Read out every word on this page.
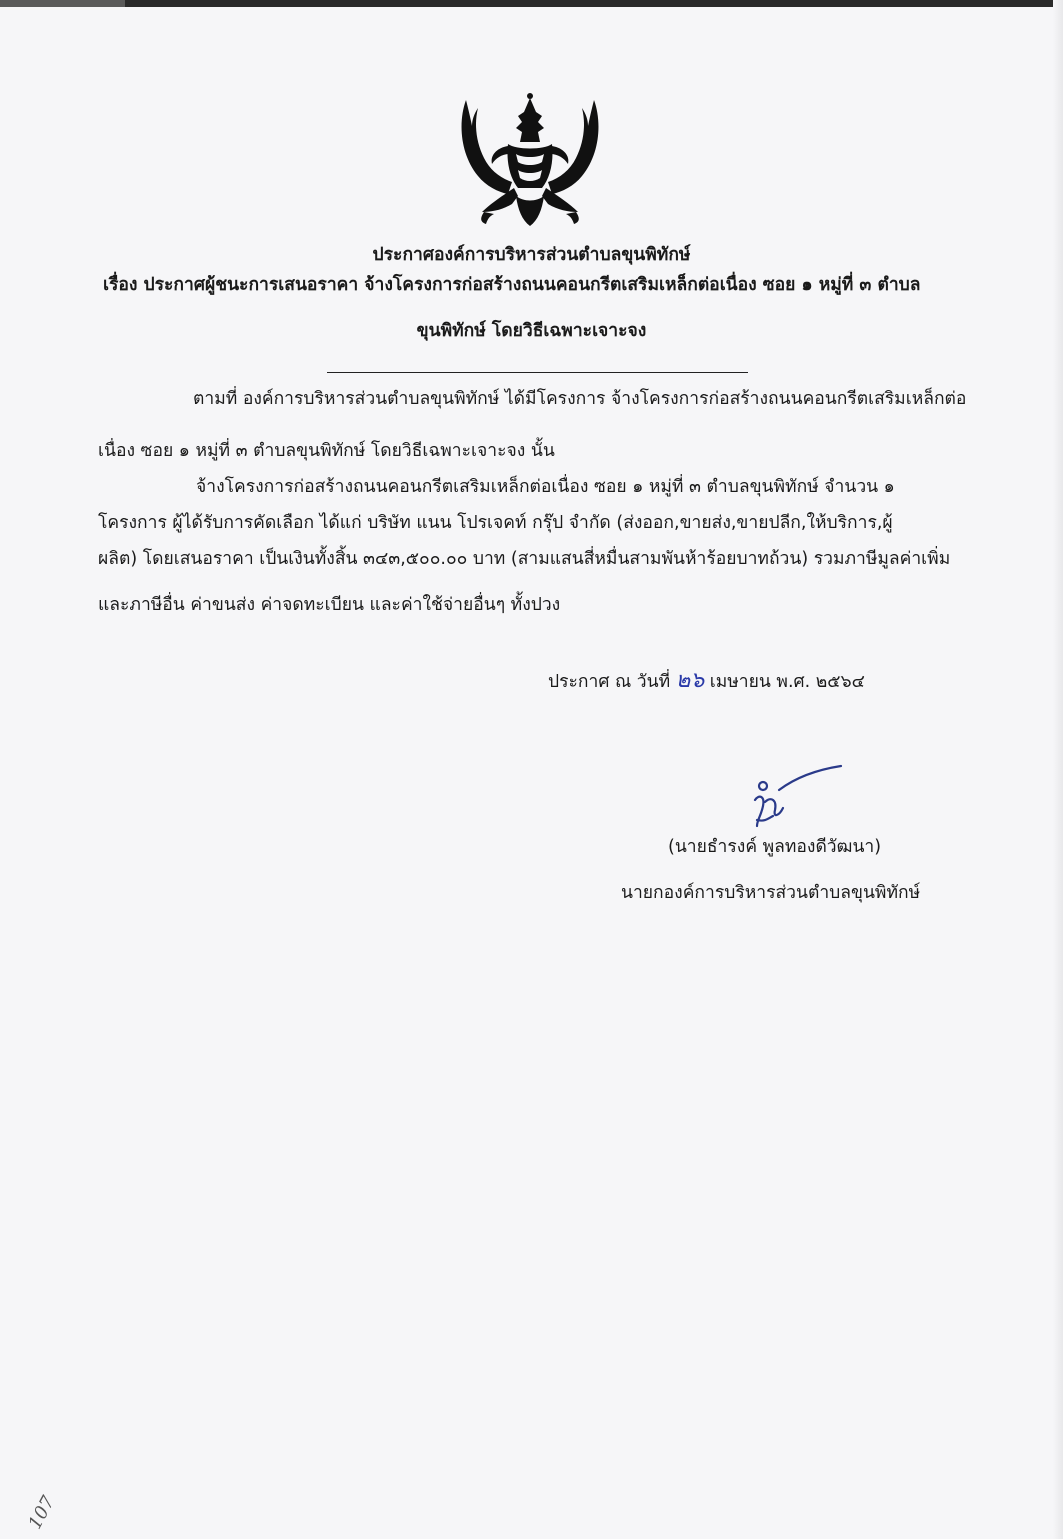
ประกาศองค์การบริหารส่วนตำบลขุนพิทักษ์
เรื่อง ประกาศผู้ชนะการเสนอราคา จ้างโครงการก่อสร้างถนนคอนกรีตเสริมเหล็กต่อเนื่อง ซอย ๑ หมู่ที่ ๓ ตำบล
ขุนพิทักษ์ โดยวิธีเฉพาะเจาะจง
ตามที่ องค์การบริหารส่วนตำบลขุนพิทักษ์ ได้มีโครงการ จ้างโครงการก่อสร้างถนนคอนกรีตเสริมเหล็กต่อ
เนื่อง ซอย ๑ หมู่ที่ ๓ ตำบลขุนพิทักษ์ โดยวิธีเฉพาะเจาะจง นั้น
จ้างโครงการก่อสร้างถนนคอนกรีตเสริมเหล็กต่อเนื่อง ซอย ๑ หมู่ที่ ๓ ตำบลขุนพิทักษ์ จำนวน ๑
โครงการ ผู้ได้รับการคัดเลือก ได้แก่ บริษัท แนน โปรเจคท์ กรุ๊ป จำกัด (ส่งออก,ขายส่ง,ขายปลีก,ให้บริการ,ผู้
ผลิต) โดยเสนอราคา เป็นเงินทั้งสิ้น ๓๔๓,๕๐๐.๐๐ บาท (สามแสนสี่หมื่นสามพันห้าร้อยบาทถ้วน) รวมภาษีมูลค่าเพิ่ม
และภาษีอื่น ค่าขนส่ง ค่าจดทะเบียน และค่าใช้จ่ายอื่นๆ ทั้งปวง
ประกาศ ณ วันที่ ๒๖ เมษายน พ.ศ. ๒๕๖๔
(นายธำรงค์ พูลทองดีวัฒนา)
นายกองค์การบริหารส่วนตำบลขุนพิทักษ์
107
